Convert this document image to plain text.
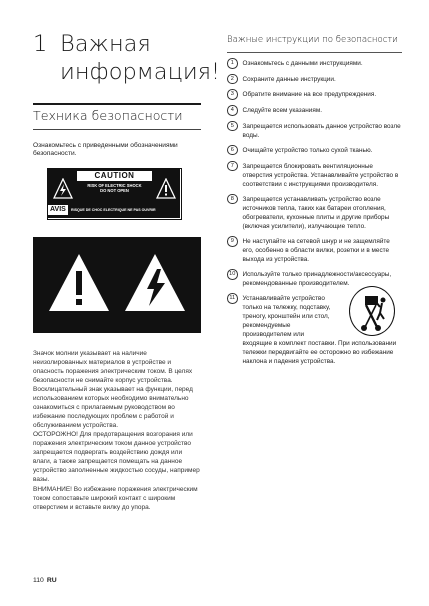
1 Важная информация!
Техника безопасности
Ознакомьтесь с приведенными обозначениями безопасности.
CAUTION
RISK OF ELECTRIC SHOCK
DO NOT OPEN
AVIS	RISQUE DE CHOC ELECTRIQUE NE PAS OUVRIR

Значок молнии указывает на наличие неизолированных материалов в устройстве и опасность поражения электрическим током. В целях безопасности не снимайте корпус устройства.

Восклицательный знак указывает на функции, перед использованием которых необходимо внимательно ознакомиться с прилагаемым руководством во избежание последующих проблем с работой и обслуживанием устройства.

ОСТОРОЖНО! Для предотвращения возгорания или поражения электрическим током данное устройство запрещается подвергать воздействию дождя или влаги, а также запрещается помещать на данное устройство заполненные жидкостью сосуды, например вазы.

ВНИМАНИЕ! Во избежание поражения электрическим током сопоставьте широкий контакт с широким отверстием и вставьте вилку до упора.

Важные инструкции по безопасности
1	Ознакомьтесь с данными инструкциями.
2	Сохраните данные инструкции.
3	Обратите внимание на все предупреждения.
4	Следуйте всем указаниям.
5	Запрещается использовать данное устройство возле воды.
6	Очищайте устройство только сухой тканью.
7	Запрещается блокировать вентиляционные отверстия устройства. Устанавливайте устройство в соответствии с инструкциями производителя.
8	Запрещается устанавливать устройство возле источников тепла, таких как батареи отопления, обогреватели, кухонные плиты и другие приборы (включая усилители), излучающие тепло.
9	Не наступайте на сетевой шнур и не защемляйте его, особенно в области вилки, розетки и в месте выхода из устройства.
10	Используйте только принадлежности/аксессуары, рекомендованные производителем.
11	Устанавливайте устройство только на тележку, подставку, треногу, кронштейн или стол, рекомендуемые производителем или
входящие в комплект поставки. При использовании тележки передвигайте ее осторожно во избежание наклона и падения устройства.
110 RU
